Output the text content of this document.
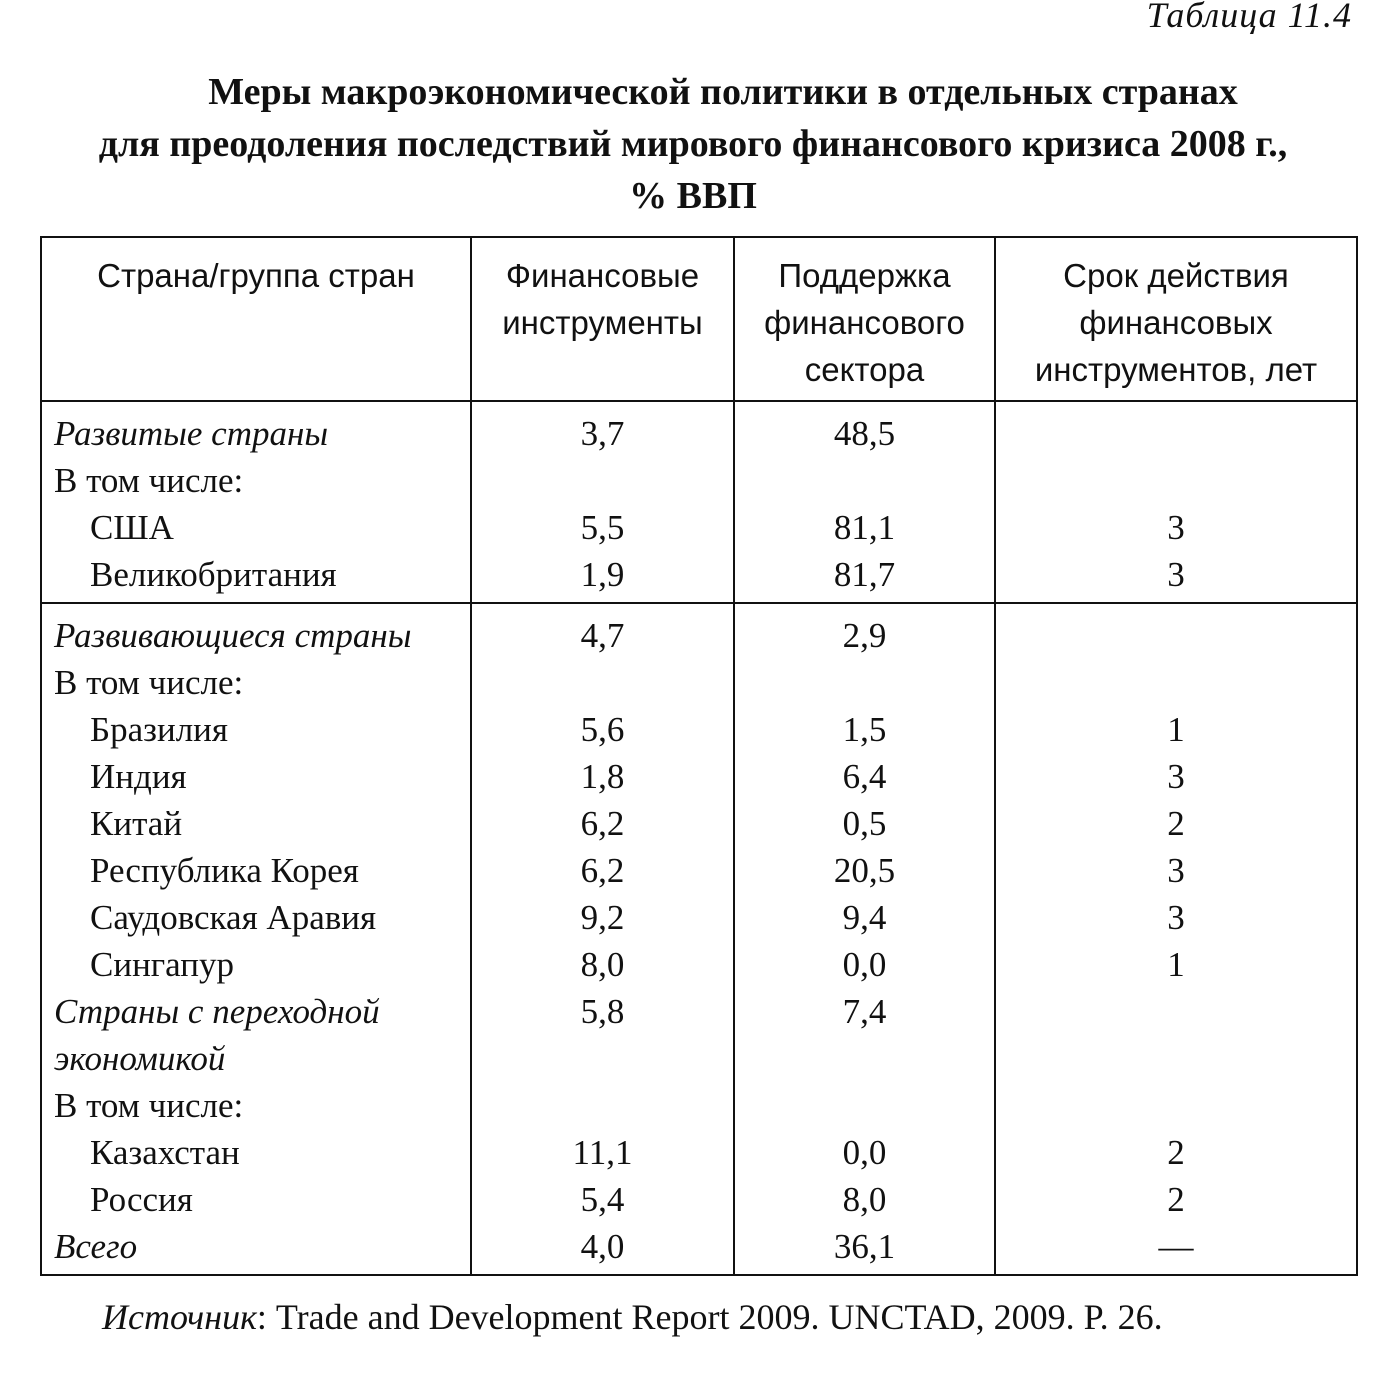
Таблица 11.4
Меры макроэкономической политики в отдельных странах
для преодоления последствий мирового финансового кризиса 2008 г.,
% ВВП
Страна/группа стран	Финансовые инструменты	Поддержка финансового сектора	Срок действия финансовых инструментов, лет
Развитые страны	3,7	48,5	
В том числе:			
США	5,5	81,1	3
Великобритания	1,9	81,7	3
Развивающиеся страны	4,7	2,9	
В том числе:			
Бразилия	5,6	1,5	1
Индия	1,8	6,4	3
Китай	6,2	0,5	2
Республика Корея	6,2	20,5	3
Саудовская Аравия	9,2	9,4	3
Сингапур	8,0	0,0	1
Страны с переходной	5,8	7,4	
экономикой			
В том числе:			
Казахстан	11,1	0,0	2
Россия	5,4	8,0	2
Всего	4,0	36,1	—
Источник: Trade and Development Report 2009. UNCTAD, 2009. P. 26.
